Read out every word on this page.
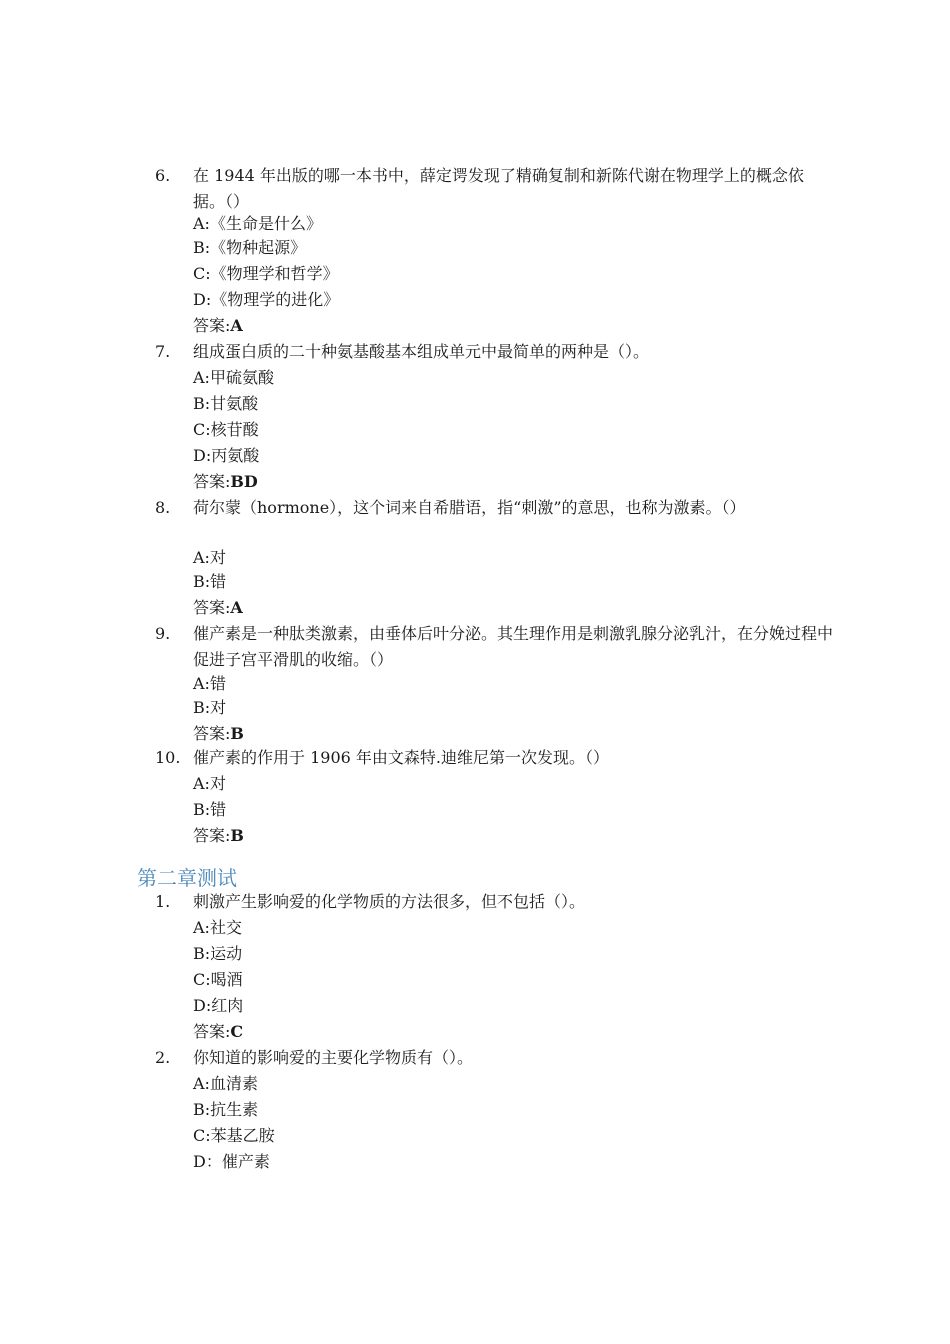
6.	在 1944 年出版的哪一本书中，薛定谔发现了精确复制和新陈代谢在物理学上的概念依据。（）
A:《生命是什么》
B:《物种起源》
C:《物理学和哲学》
D:《物理学的进化》
答案:A
7.	组成蛋白质的二十种氨基酸基本组成单元中最简单的两种是（）。
A:甲硫氨酸
B:甘氨酸
C:核苷酸
D:丙氨酸
答案:BD
8.	荷尔蒙（hormone），这个词来自希腊语，指“刺激”的意思，也称为激素。（）
A:对
B:错
答案:A
9.	催产素是一种肽类激素，由垂体后叶分泌。其生理作用是刺激乳腺分泌乳汁，在分娩过程中促进子宫平滑肌的收缩。（）
A:错
B:对
答案:B
10. 催产素的作用于 1906 年由文森特.迪维尼第一次发现。（）
A:对
B:错
答案:B
第二章测试
1.	刺激产生影响爱的化学物质的方法很多，但不包括（）。
A:社交
B:运动
C:喝酒
D:红肉
答案:C
2.	你知道的影响爱的主要化学物质有（）。
A:血清素
B:抗生素
C:苯基乙胺
D：催产素
